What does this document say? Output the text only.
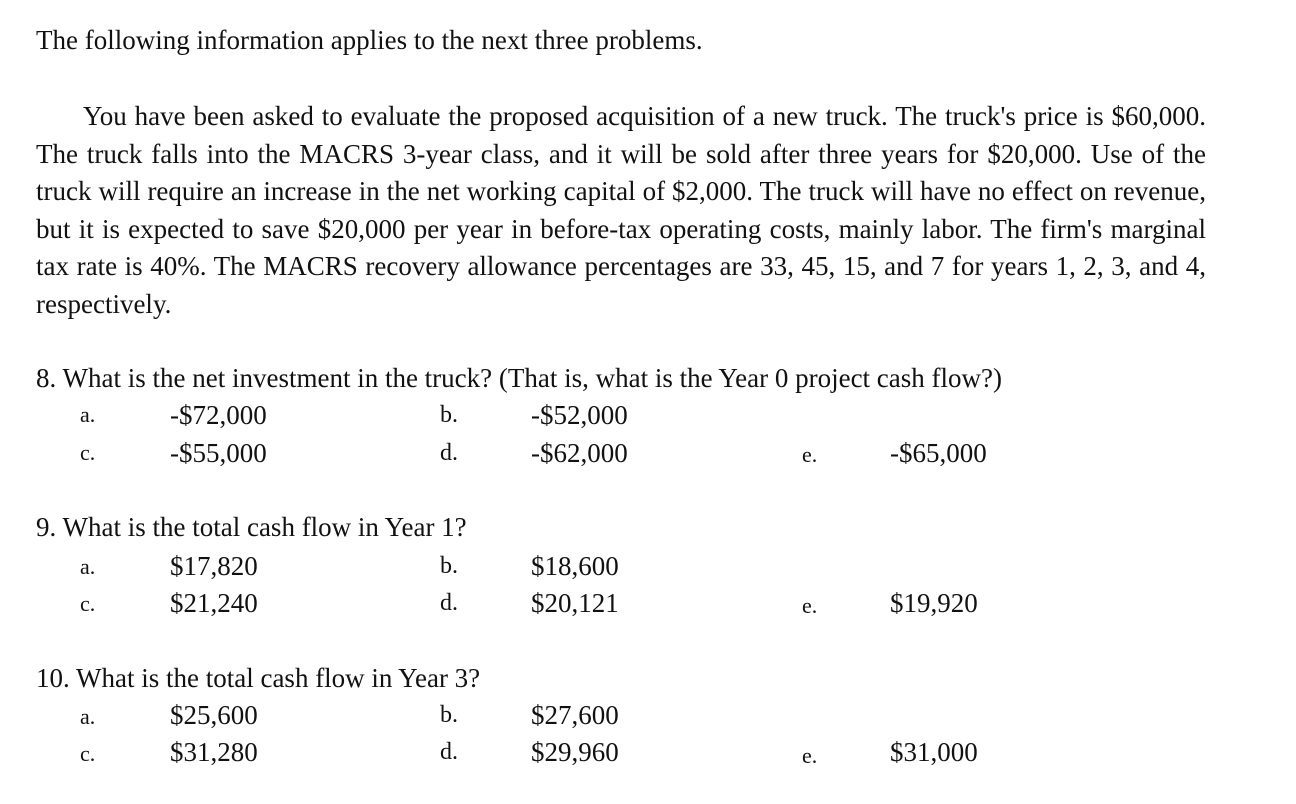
The following information applies to the next three problems.

You have been asked to evaluate the proposed acquisition of a new truck. The truck's price is $60,000. The truck falls into the MACRS 3-year class, and it will be sold after three years for $20,000. Use of the truck will require an increase in the net working capital of $2,000. The truck will have no effect on revenue, but it is expected to save $20,000 per year in before-tax operating costs, mainly labor. The firm's marginal tax rate is 40%. The MACRS recovery allowance percentages are 33, 45, 15, and 7 for years 1, 2, 3, and 4, respectively.

8. What is the net investment in the truck? (That is, what is the Year 0 project cash flow?)
a.	-$72,000	b.	-$52,000
c.	-$55,000	d.	-$62,000	e.	-$65,000
9. What is the total cash flow in Year 1?
a.	$17,820	b.	$18,600
c.	$21,240	d.	$20,121	e.	$19,920
10. What is the total cash flow in Year 3?
a.	$25,600	b.	$27,600
c.	$31,280	d.	$29,960	e.	$31,000
